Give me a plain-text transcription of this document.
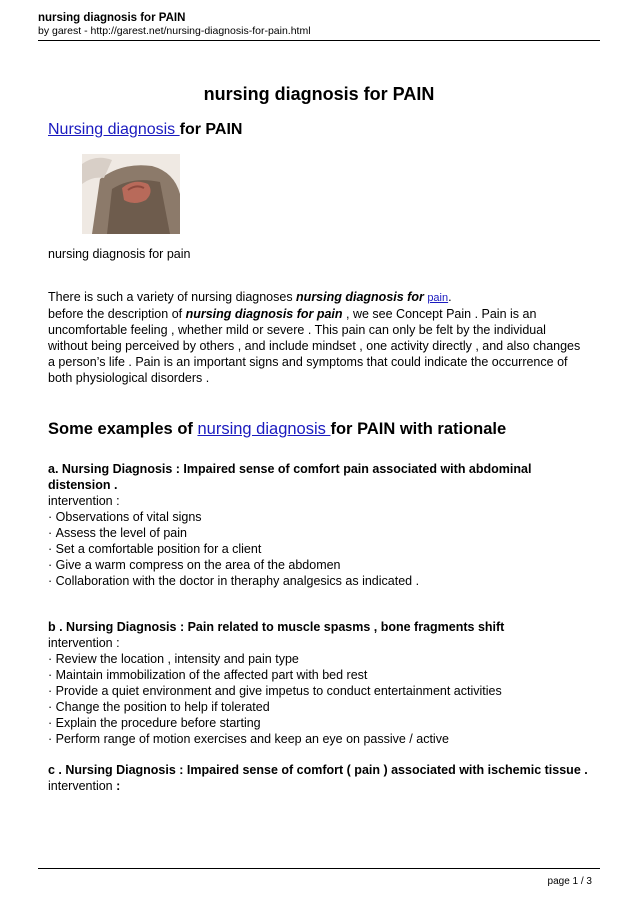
nursing diagnosis for PAIN
by garest - http://garest.net/nursing-diagnosis-for-pain.html
nursing diagnosis for PAIN
Nursing diagnosis for PAIN
nursing diagnosis for pain
There is such a variety of nursing diagnoses nursing diagnosis for pain.
before the description of nursing diagnosis for pain , we see Concept Pain . Pain is an uncomfortable feeling , whether mild or severe . This pain can only be felt by the individual without being perceived by others , and include mindset , one activity directly , and also changes a person’s life . Pain is an important signs and symptoms that could indicate the occurrence of both physiological disorders .
Some examples of nursing diagnosis for PAIN with rationale
a. Nursing Diagnosis : Impaired sense of comfort pain associated with abdominal distension .
intervention :
· Observations of vital signs
· Assess the level of pain
· Set a comfortable position for a client
· Give a warm compress on the area of the abdomen
· Collaboration with the doctor in theraphy analgesics as indicated .
b . Nursing Diagnosis : Pain related to muscle spasms , bone fragments shift
intervention :
· Review the location , intensity and pain type
· Maintain immobilization of the affected part with bed rest
· Provide a quiet environment and give impetus to conduct entertainment activities
· Change the position to help if tolerated
· Explain the procedure before starting
· Perform range of motion exercises and keep an eye on passive / active
c . Nursing Diagnosis : Impaired sense of comfort ( pain ) associated with ischemic tissue .
intervention :
page 1 / 3
